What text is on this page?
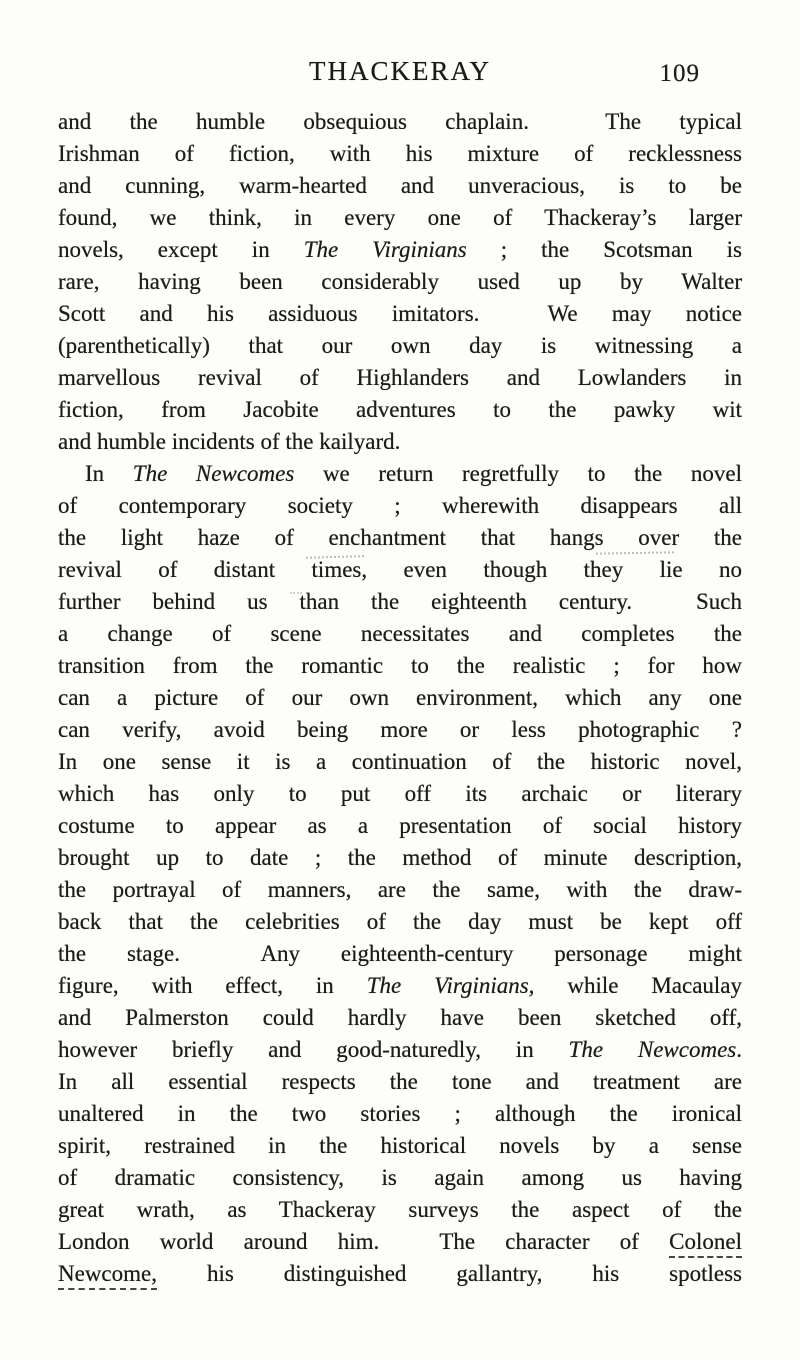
THACKERAY	109
and the humble obsequious chaplain.  The typical
Irishman of fiction, with his mixture of recklessness
and cunning, warm-hearted and unveracious, is to be
found, we think, in every one of Thackeray’s larger
novels, except in The Virginians ; the Scotsman is
rare, having been considerably used up by Walter
Scott and his assiduous imitators.  We may notice
(parenthetically) that our own day is witnessing a
marvellous revival of Highlanders and Lowlanders in
fiction, from Jacobite adventures to the pawky wit
and humble incidents of the kailyard.
In The Newcomes we return regretfully to the novel
of contemporary society ; wherewith disappears all
the light haze of enchantment that hangs over the
revival of distant times, even though they lie no
further behind us than the eighteenth century.  Such
a change of scene necessitates and completes the
transition from the romantic to the realistic ; for how
can a picture of our own environment, which any one
can verify, avoid being more or less photographic ?
In one sense it is a continuation of the historic novel,
which has only to put off its archaic or literary
costume to appear as a presentation of social history
brought up to date ; the method of minute description,
the portrayal of manners, are the same, with the draw-
back that the celebrities of the day must be kept off
the stage.  Any eighteenth-century personage might
figure, with effect, in The Virginians, while Macaulay
and Palmerston could hardly have been sketched off,
however briefly and good-naturedly, in The Newcomes.
In all essential respects the tone and treatment are
unaltered in the two stories ; although the ironical
spirit, restrained in the historical novels by a sense
of dramatic consistency, is again among us having
great wrath, as Thackeray surveys the aspect of the
London world around him.  The character of Colonel
Newcome, his distinguished gallantry, his spotless
